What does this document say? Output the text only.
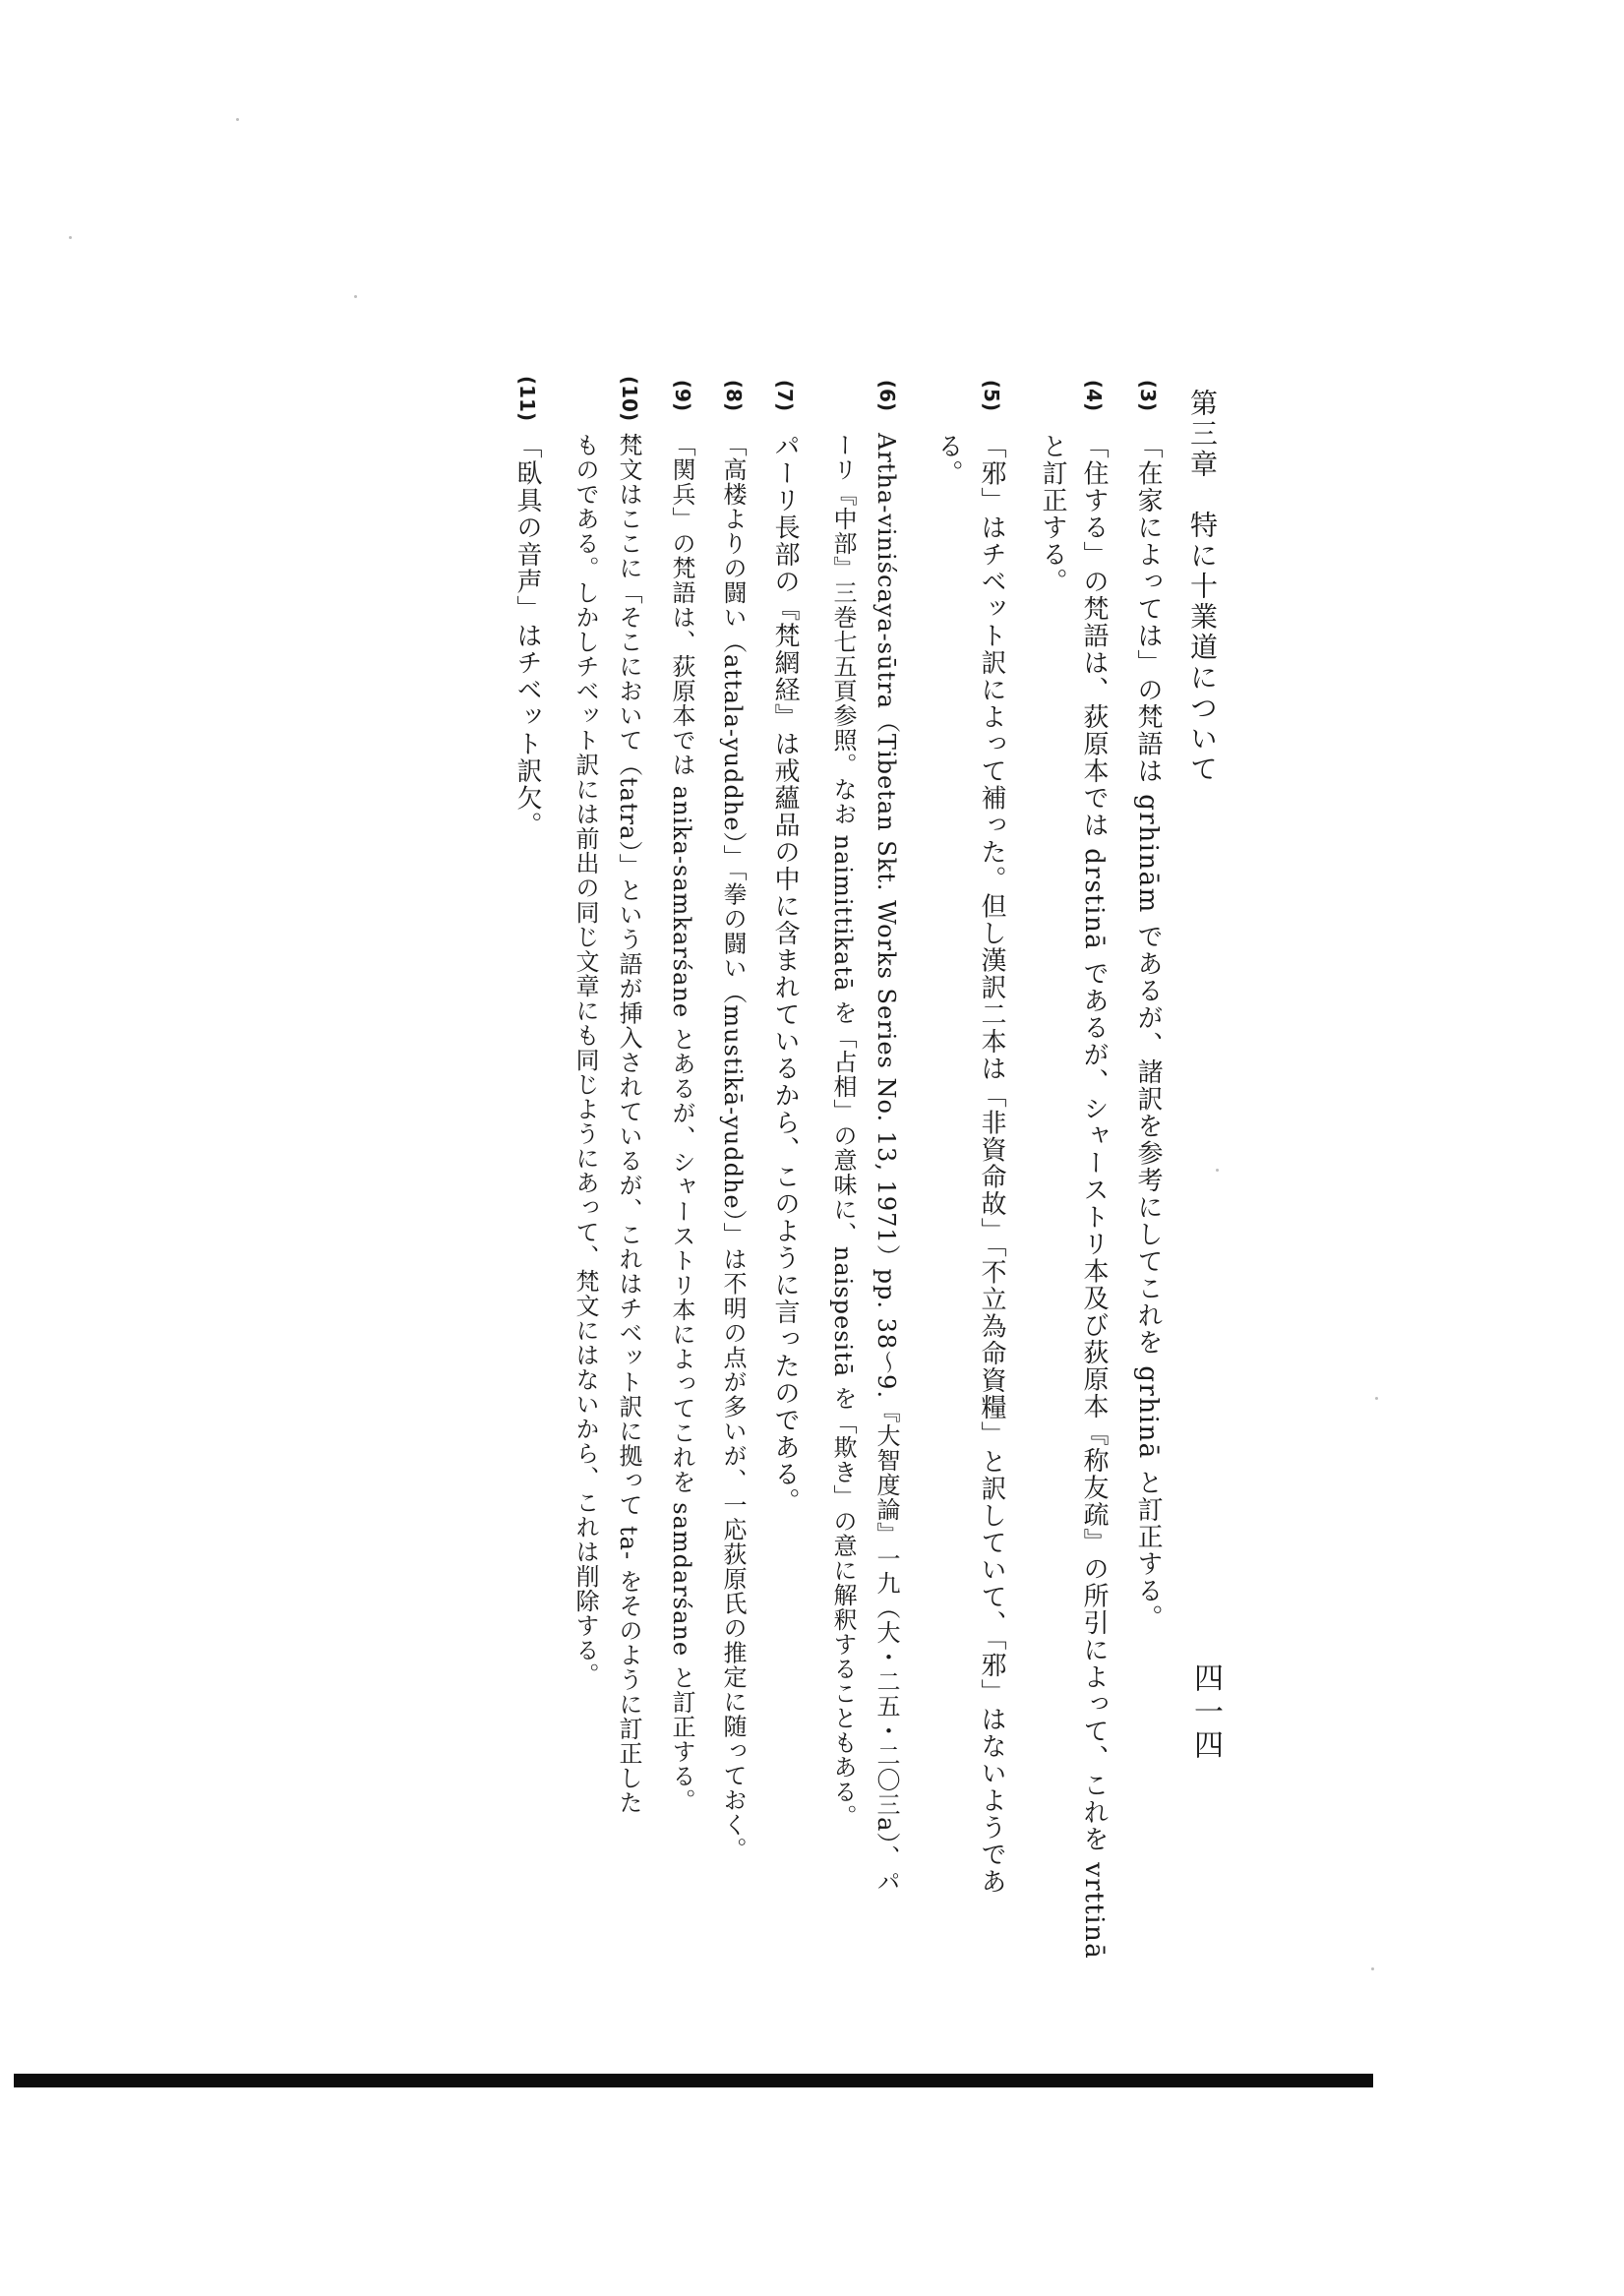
第三章　特に十業道について
四一四
(3)
「在家によっては」の梵語は grhinām であるが、諸訳を参考にしてこれを grhinā と訂正する。
(4)
「住する」の梵語は、荻原本では drstinā であるが、シャーストリ本及び荻原本『称友疏』の所引によって、これを vrttinā
と訂正する。
(5)
「邪」はチベット訳によって補った。但し漢訳二本は「非資命故」「不立為命資糧」と訳していて、「邪」はないようであ
る。
(6)
Artha-viniścaya-sūtra（Tibetan Skt. Works Series No. 13, 1971）pp. 38〜9.『大智度論』一九（大・二五・二〇三a）、パ
ーリ『中部』三巻七五頁参照。なお naimittikatā を「占相」の意味に、naispesitā を「欺き」の意に解釈することもある。
(7)
パーリ長部の『梵網経』は戒蘊品の中に含まれているから、このように言ったのである。
(8)
「高楼よりの闘い（attala-yuddhe）」「拳の闘い（mustikā-yuddhe）」は不明の点が多いが、一応荻原氏の推定に随っておく。
(9)
「関兵」の梵語は、荻原本では anika-samkarśane とあるが、シャーストリ本によってこれを samdarśane と訂正する。
(10)
梵文はここに「そこにおいて（tatra）」という語が挿入されているが、これはチベット訳に拠って ta- をそのように訂正した
ものである。しかしチベット訳には前出の同じ文章にも同じようにあって、梵文にはないから、これは削除する。
(11)
「臥具の音声」はチベット訳欠。
